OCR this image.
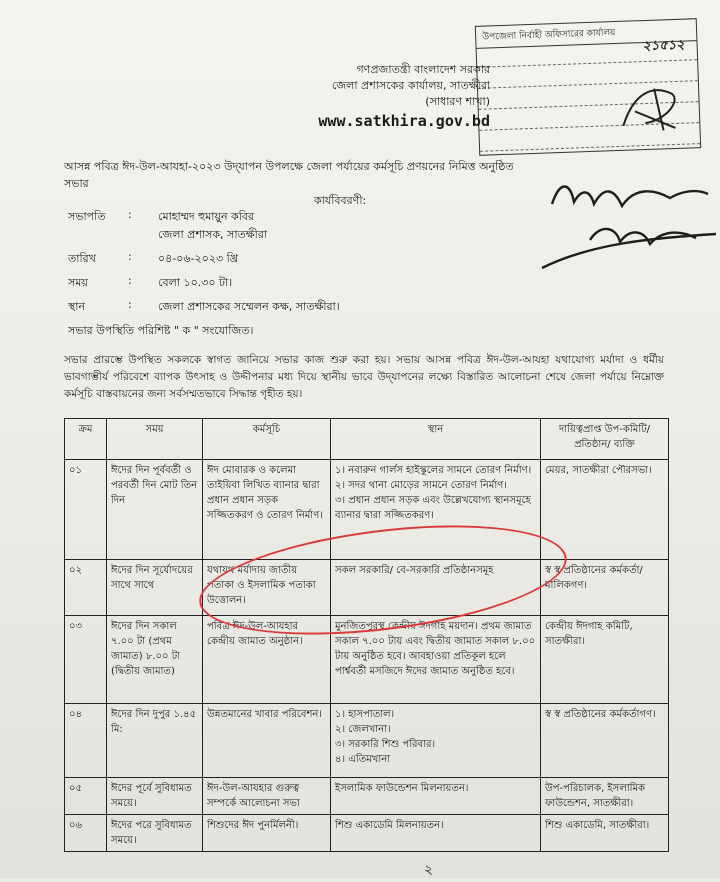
উপজেলা নির্বাহী অফিসারের কার্যালয়
২১৫১২
গণপ্রজাতন্ত্রী বাংলাদেশ সরকার
জেলা প্রশাসকের কার্যালয়, সাতক্ষীরা
(সাধারণ শাখা)
www.satkhira.gov.bd
আসন্ন পবিত্র ঈদ-উল-আযহা-২০২৩ উদ্‌যাপন উপলক্ষে জেলা পর্যায়ের কর্মসূচি প্রণয়নের নিমিত্ত অনুষ্ঠিত সভার
কার্যবিবরণী:
সভাপতি	: মোহাম্মদ হুমায়ুন কবির
জেলা প্রশাসক, সাতক্ষীরা
তারিখ	: ০৪-০৬-২০২৩ খ্রি
সময়	: বেলা ১০.৩০ টা।
স্থান	: জেলা প্রশাসকের সম্মেলন কক্ষ, সাতক্ষীরা।
সভার উপস্থিতি পরিশিষ্ট " ক " সংযোজিত।
সভার প্রারম্ভে উপস্থিত সকলকে স্বাগত জানিয়ে সভার কাজ শুরু করা হয়। সভায় আসন্ন পবিত্র ঈদ-উল-আযহা যথাযোগ্য মর্যাদা ও ধর্মীয় ভাবগাম্ভীর্য পরিবেশে ব্যাপক উৎসাহ ও উদ্দীপনার মধ্য দিয়ে স্থানীয় ভাবে উদ্‌যাপনের লক্ষ্যে বিস্তারিত আলোচনা শেষে জেলা পর্যায়ে নিম্নোক্ত কর্মসূচি বাস্তবায়নের জন্য সর্বসম্মতভাবে সিদ্ধান্ত গৃহীত হয়।
ক্রম	সময়	কর্মসূচি	স্থান	দায়িত্বপ্রাপ্ত উপ-কমিটি/ প্রতিষ্ঠান/ ব্যক্তি
০১	ঈদের দিন পূর্ববর্তী ও পরবর্তী দিন মোট তিন দিন	ঈদ মোবারক ও কলেমা তাইয়িবা লিখিত ব্যানার দ্বারা প্রধান প্রধান সড়ক সজ্জিতকরণ ও তোরণ নির্মাণ।	১। নবারুন গার্লস হাইস্কুলের সামনে তোরণ নির্মাণ।
২। সদর থানা মোড়ের সামনে তোরণ নির্মাণ।
৩। প্রধান প্রধান সড়ক এবং উল্লেখযোগ্য স্থানসমূহে ব্যানার দ্বারা সজ্জিতকরণ।	মেয়র, সাতক্ষীরা পৌরসভা।
০২	ঈদের দিন সূর্যোদয়ের সাথে সাথে	যথাযথ মর্যাদায় জাতীয় পতাকা ও ইসলামিক পতাকা উত্তোলন।	সকল সরকারি/ বে-সরকারি প্রতিষ্ঠানসমূহ	স্ব স্ব প্রতিষ্ঠানের কর্মকর্তা/ মালিকগণ।
০৩	ঈদের দিন সকাল ৭.০০ টা (প্রথম জামাত) ৮.০০ টা (দ্বিতীয় জামাত)	পবিত্র ঈদ-উল-আযহার কেন্দ্রীয় জামাত অনুষ্ঠান।	মুনজিতপুরস্থ কেন্দ্রীয় ঈদগাহ ময়দান। প্রথম জামাত সকাল ৭.০০ টায় এবং দ্বিতীয় জামাত সকাল ৮.০০ টায় অনুষ্ঠিত হবে। আবহাওয়া প্রতিকূল হলে পার্শ্ববর্তী মসজিদে ঈদের জামাত অনুষ্ঠিত হবে।	কেন্দ্রীয় ঈদগাহ কমিটি, সাতক্ষীরা।
০৪	ঈদের দিন দুপুর ১.৪৫ মি:	উন্নতমানের খাবার পরিবেশন।	১। হাসপাতাল।
২। জেলখানা।
৩। সরকারি শিশু পরিবার।
৪। এতিমখানা	স্ব স্ব প্রতিষ্ঠানের কর্মকর্তাগণ।
০৫	ঈদের পূর্বে সুবিধামত সময়ে।	ঈদ-উল-আযহার গুরুত্ব সম্পর্কে আলোচনা সভা	ইসলামিক ফাউন্ডেশন মিলনায়তন।	উপ-পরিচালক, ইসলামিক ফাউন্ডেশন, সাতক্ষীরা।
০৬	ঈদের পরে সুবিধামত সময়ে।	শিশুদের ঈদ পুনর্মিলনী।	শিশু একাডেমি মিলনায়তন।	শিশু একাডেমি, সাতক্ষীরা।
২
